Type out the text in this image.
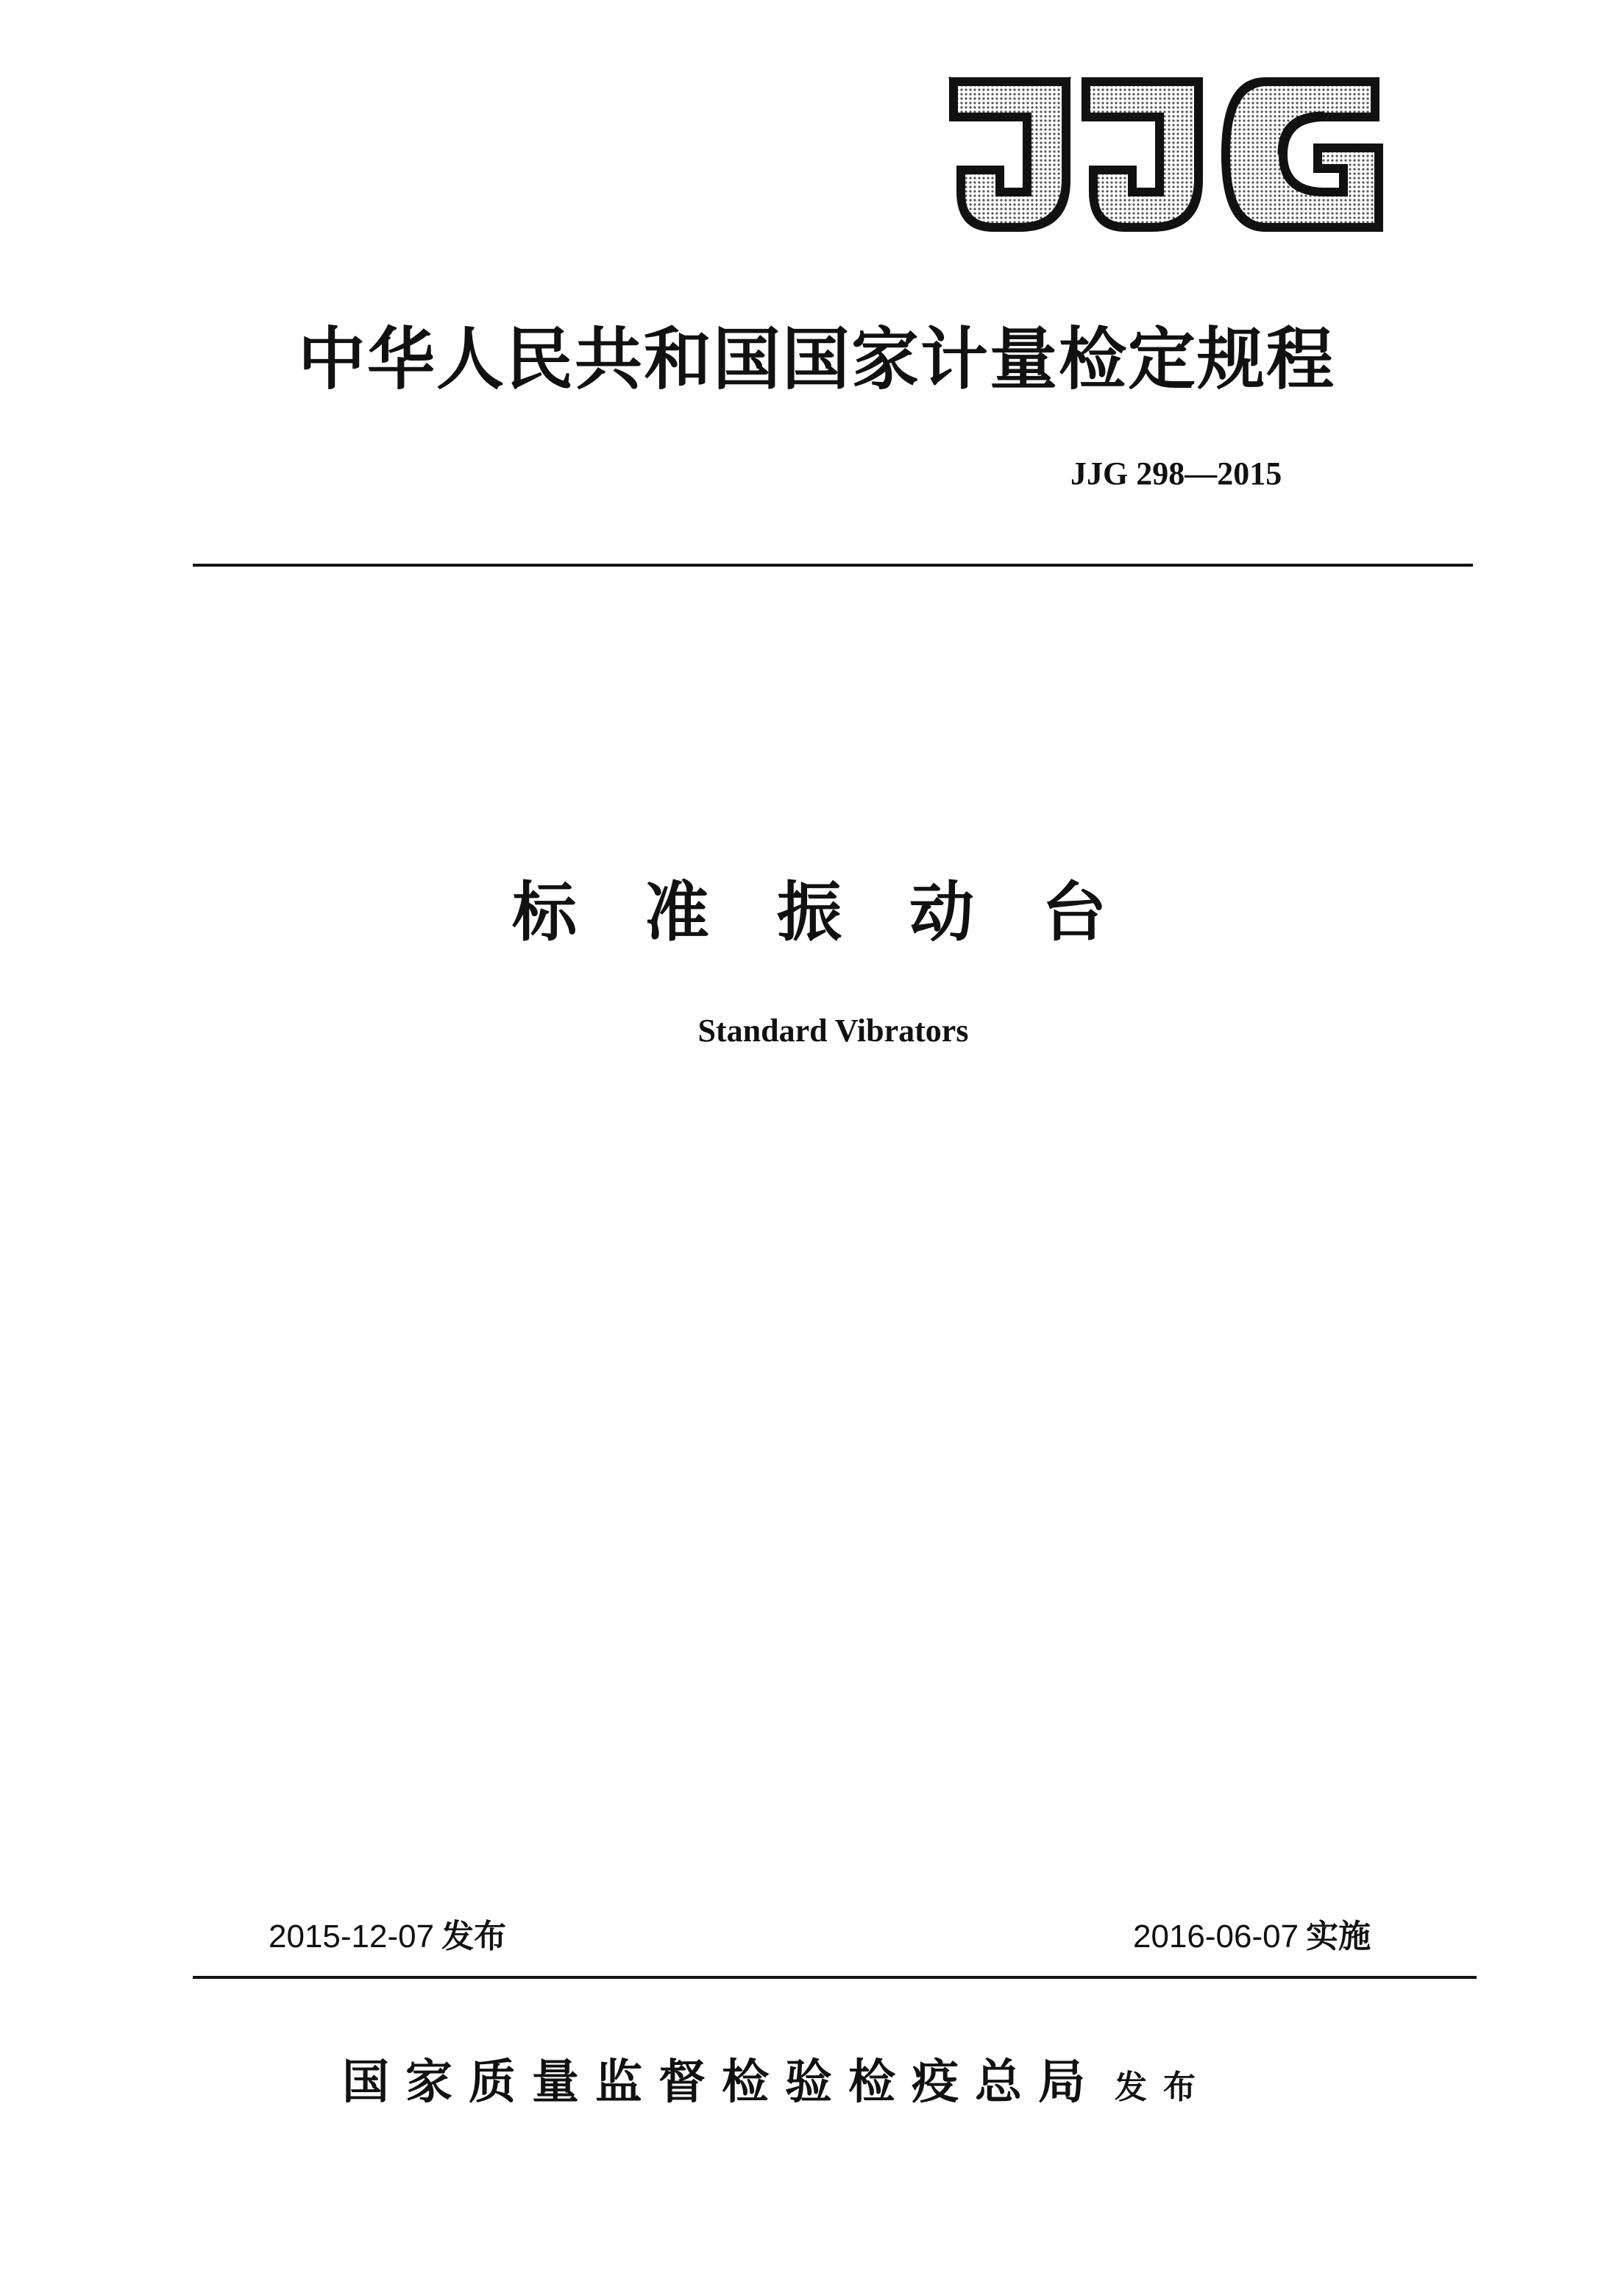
中华人民共和国国家计量检定规程
JJG 298—2015
标准振动台
Standard Vibrators
2015-12-07 发布	2016-06-07 实施
国家质量监督检验检疫总局 发布
